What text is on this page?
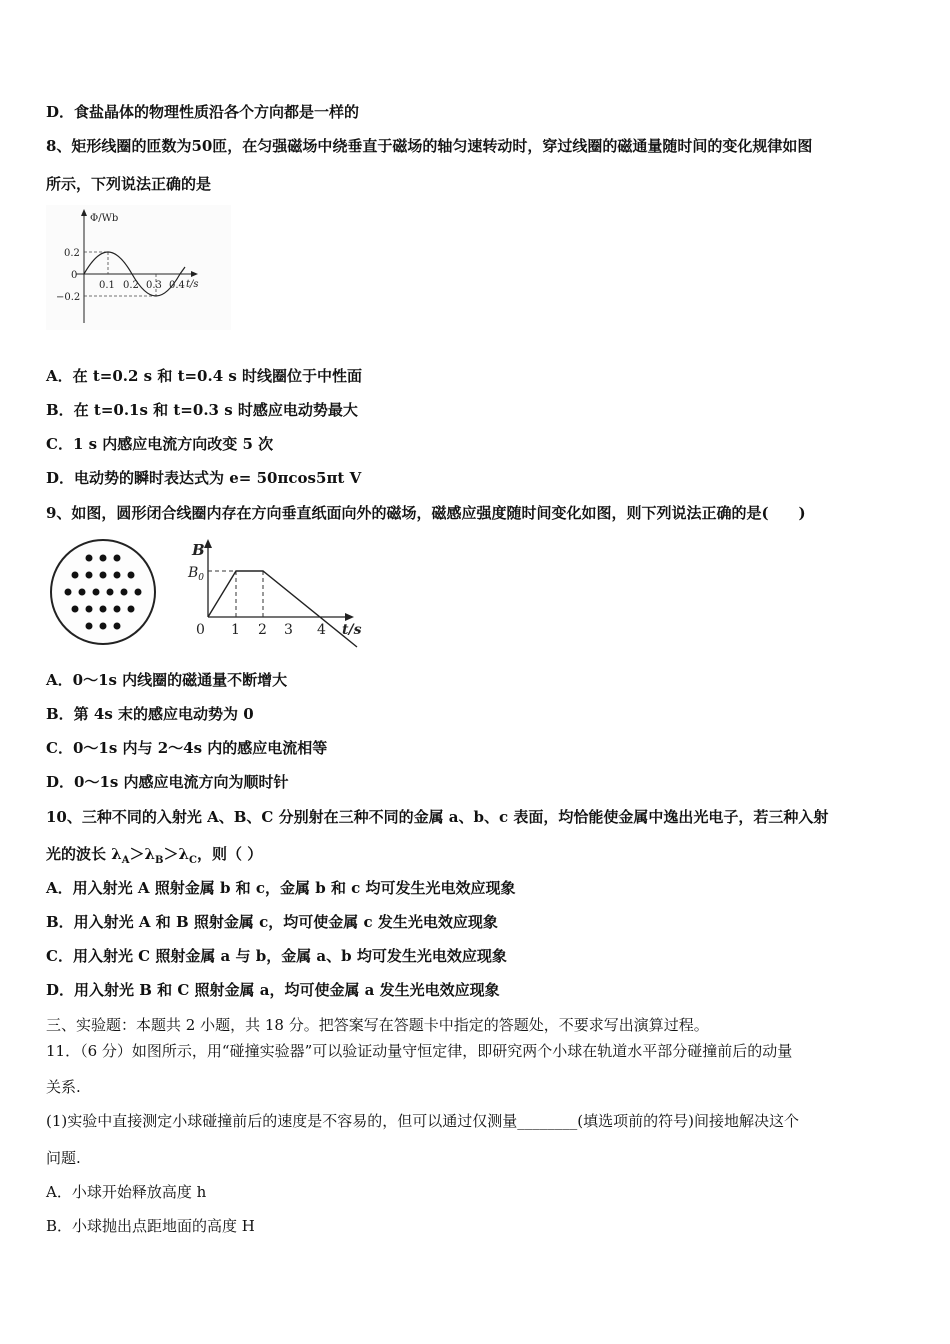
D．食盐晶体的物理性质沿各个方向都是一样的
8、矩形线圈的匝数为50匝，在匀强磁场中绕垂直于磁场的轴匀速转动时，穿过线圈的磁通量随时间的变化规律如图
所示，下列说法正确的是
Φ/Wb
0.2
0
−0.2
0.1 0.2 0.3 0.4 t/s
A．在 t=0.2 s 和 t=0.4 s 时线圈位于中性面
B．在 t=0.1s 和 t=0.3 s 时感应电动势最大
C．1 s 内感应电流方向改变 5 次
D．电动势的瞬时表达式为 e= 50πcos5πt V
9、如图，圆形闭合线圈内存在方向垂直纸面向外的磁场，磁感应强度随时间变化如图，则下列说法正确的是(　　)
B
$B_0$
0 1 2 3 4 t/s
A．0～1s 内线圈的磁通量不断增大
B．第 4s 末的感应电动势为 0
C．0～1s 内与 2～4s 内的感应电流相等
D．0～1s 内感应电流方向为顺时针
10、三种不同的入射光 A、B、C 分别射在三种不同的金属 a、b、c 表面，均恰能使金属中逸出光电子，若三种入射
光的波长 $\lambda_A>\lambda_B>\lambda_C$，则（ ）
A．用入射光 A 照射金属 b 和 c，金属 b 和 c 均可发生光电效应现象
B．用入射光 A 和 B 照射金属 c，均可使金属 c 发生光电效应现象
C．用入射光 C 照射金属 a 与 b，金属 a、b 均可发生光电效应现象
D．用入射光 B 和 C 照射金属 a，均可使金属 a 发生光电效应现象
三、实验题：本题共 2 小题，共 18 分。把答案写在答题卡中指定的答题处，不要求写出演算过程。
11．（6 分）如图所示，用“碰撞实验器”可以验证动量守恒定律，即研究两个小球在轨道水平部分碰撞前后的动量
关系.
(1)实验中直接测定小球碰撞前后的速度是不容易的，但可以通过仅测量________(填选项前的符号)间接地解决这个
问题.
A．小球开始释放高度 h
B．小球抛出点距地面的高度 H
